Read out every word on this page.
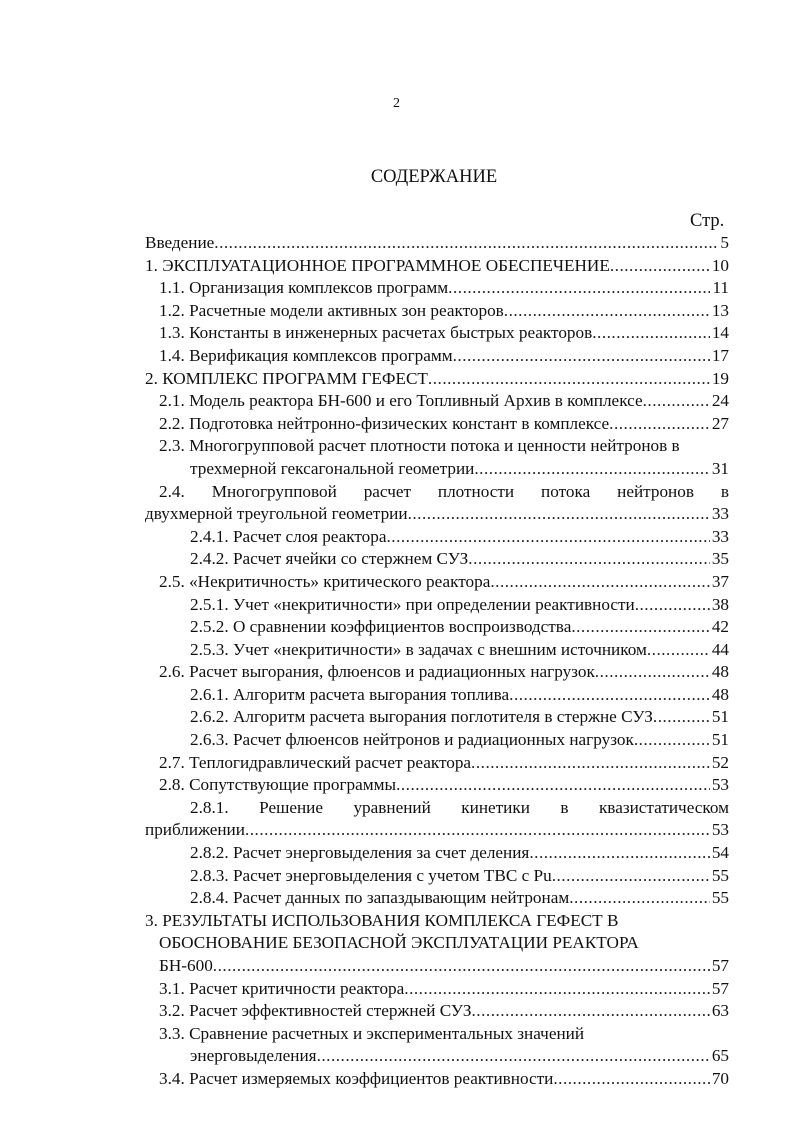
2
СОДЕРЖАНИЕ
Стр.
Введение .....	5
1. ЭКСПЛУАТАЦИОННОЕ ПРОГРАММНОЕ ОБЕСПЕЧЕНИЕ .....	10
1.1. Организация комплексов программ .....	11
1.2. Расчетные модели активных зон реакторов .....	13
1.3. Константы в инженерных расчетах быстрых реакторов .....	14
1.4. Верификация комплексов программ .....	17
2. КОМПЛЕКС ПРОГРАММ ГЕФЕСТ .....	19
2.1. Модель реактора БН-600 и его Топливный Архив в комплексе .....	24
2.2. Подготовка нейтронно-физических констант в комплексе .....	27
2.3. Многогрупповой расчет плотности потока и ценности нейтронов в
трехмерной гексагональной геометрии .....	31
2.4. Многогрупповой расчет плотности потока нейтронов в
двухмерной треугольной геометрии .....	33
2.4.1. Расчет слоя реактора .....	33
2.4.2. Расчет ячейки со стержнем СУЗ .....	35
2.5. «Некритичность» критического реактора .....	37
2.5.1. Учет «некритичности» при определении реактивности .....	38
2.5.2. О сравнении коэффициентов воспроизводства .....	42
2.5.3. Учет «некритичности» в задачах с внешним источником .....	44
2.6. Расчет выгорания, флюенсов и радиационных нагрузок .....	48
2.6.1. Алгоритм расчета выгорания топлива .....	48
2.6.2. Алгоритм расчета выгорания поглотителя в стержне СУЗ .....	51
2.6.3. Расчет флюенсов нейтронов и радиационных нагрузок .....	51
2.7. Теплогидравлический расчет реактора .....	52
2.8. Сопутствующие программы .....	53
2.8.1. Решение уравнений кинетики в квазистатическом
приближении .....	53
2.8.2. Расчет энерговыделения за счет деления .....	54
2.8.3. Расчет энерговыделения с учетом ТВС с Pu .....	55
2.8.4. Расчет данных по запаздывающим нейтронам .....	55
3. РЕЗУЛЬТАТЫ ИСПОЛЬЗОВАНИЯ КОМПЛЕКСА ГЕФЕСТ В
ОБОСНОВАНИЕ БЕЗОПАСНОЙ ЭКСПЛУАТАЦИИ РЕАКТОРА
БН-600 .....	57
3.1. Расчет критичности реактора .....	57
3.2. Расчет эффективностей стержней СУЗ .....	63
3.3. Сравнение расчетных и экспериментальных значений
энерговыделения .....	65
3.4. Расчет измеряемых коэффициентов реактивности .....	70
